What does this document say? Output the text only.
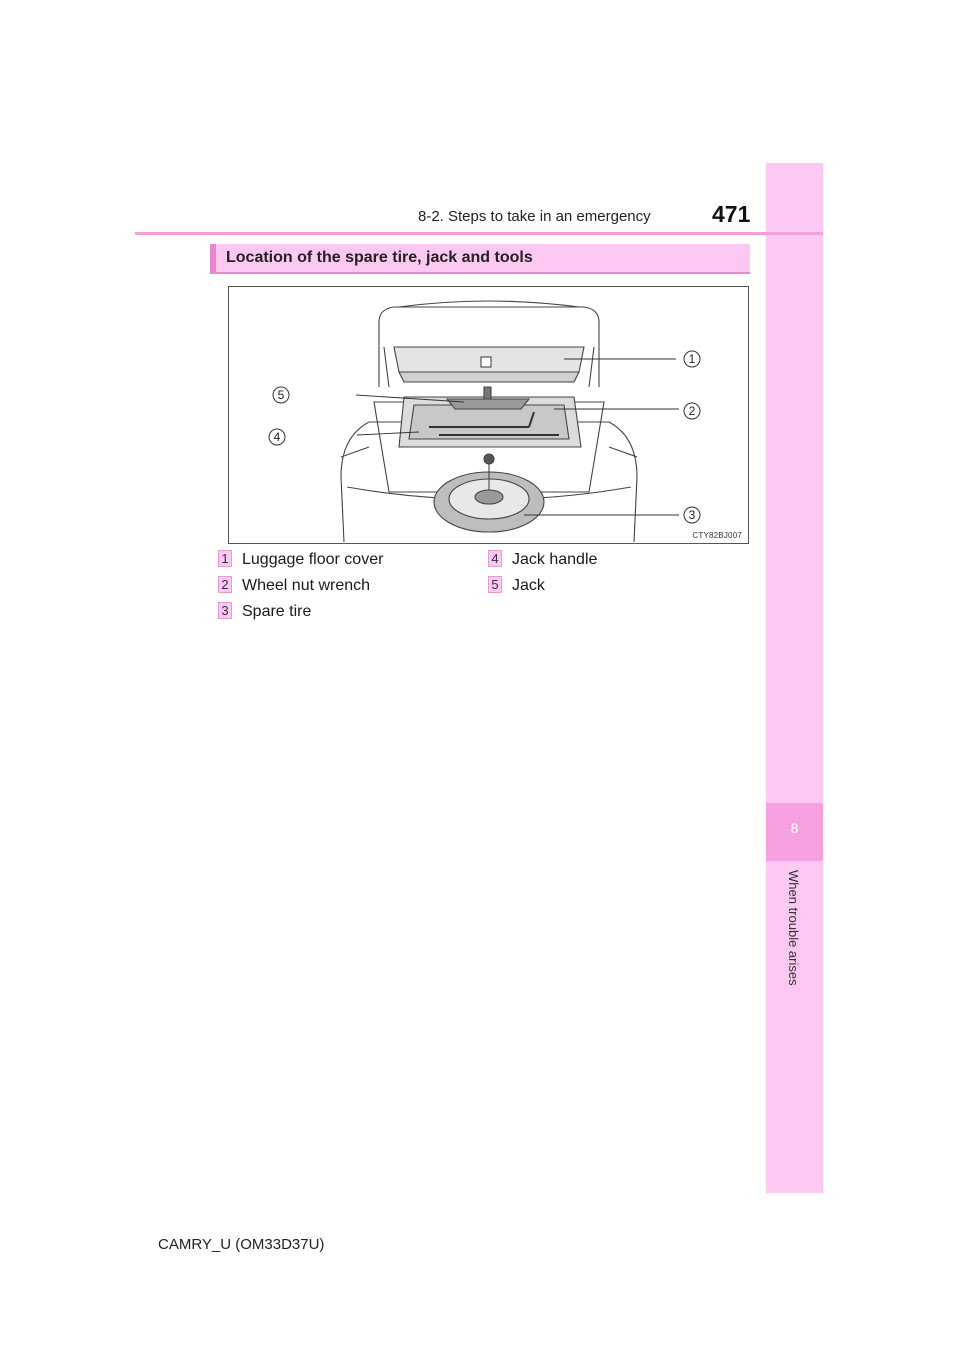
8
When trouble arises
8-2. Steps to take in an emergency	471
Location of the spare tire, jack and tools
1
2
3
4
5
CTY82BJ007
1 Luggage floor cover
2 Wheel nut wrench
3 Spare tire
4 Jack handle
5 Jack
CAMRY_U (OM33D37U)
